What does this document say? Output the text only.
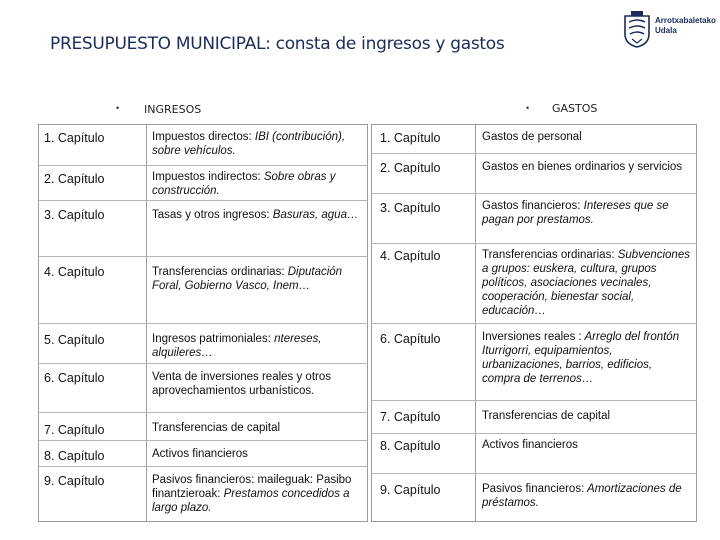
PRESUPUESTO MUNICIPAL: consta de ingresos y gastos
Arrotxabaletako
Udala
• INGRESOS
1. Capítulo	Impuestos directos: IBI (contribución), sobre vehículos.
2. Capítulo	Impuestos indirectos: Sobre obras y construcción.
3. Capítulo	Tasas y otros ingresos: Basuras, agua…
4. Capítulo	Transferencias ordinarias: Diputación Foral, Gobierno Vasco, Inem…
5. Capítulo	Ingresos patrimoniales: ntereses, alquileres…
6. Capítulo	Venta de inversiones reales y otros aprovechamientos urbanísticos.
7. Capítulo	Transferencias de capital
8. Capítulo	Activos financieros
9. Capítulo	Pasivos financieros: maileguak: Pasibo finantzieroak: Prestamos concedidos a largo plazo.
• GASTOS
1. Capítulo	Gastos de personal
2. Capítulo	Gastos en bienes ordinarios y servicios
3. Capítulo	Gastos financieros: Intereses que se pagan por prestamos.
4. Capítulo	Transferencias ordinarias: Subvenciones a grupos: euskera, cultura, grupos políticos, asociaciones vecinales, cooperación, bienestar social, educación…
6. Capítulo	Inversiones reales : Arreglo del frontón Iturrigorri, equipamientos, urbanizaciones, barrios, edificios, compra de terrenos…
7. Capítulo	Transferencias de capital
8. Capítulo	Activos financieros
9. Capítulo	Pasivos financieros: Amortizaciones de préstamos.
